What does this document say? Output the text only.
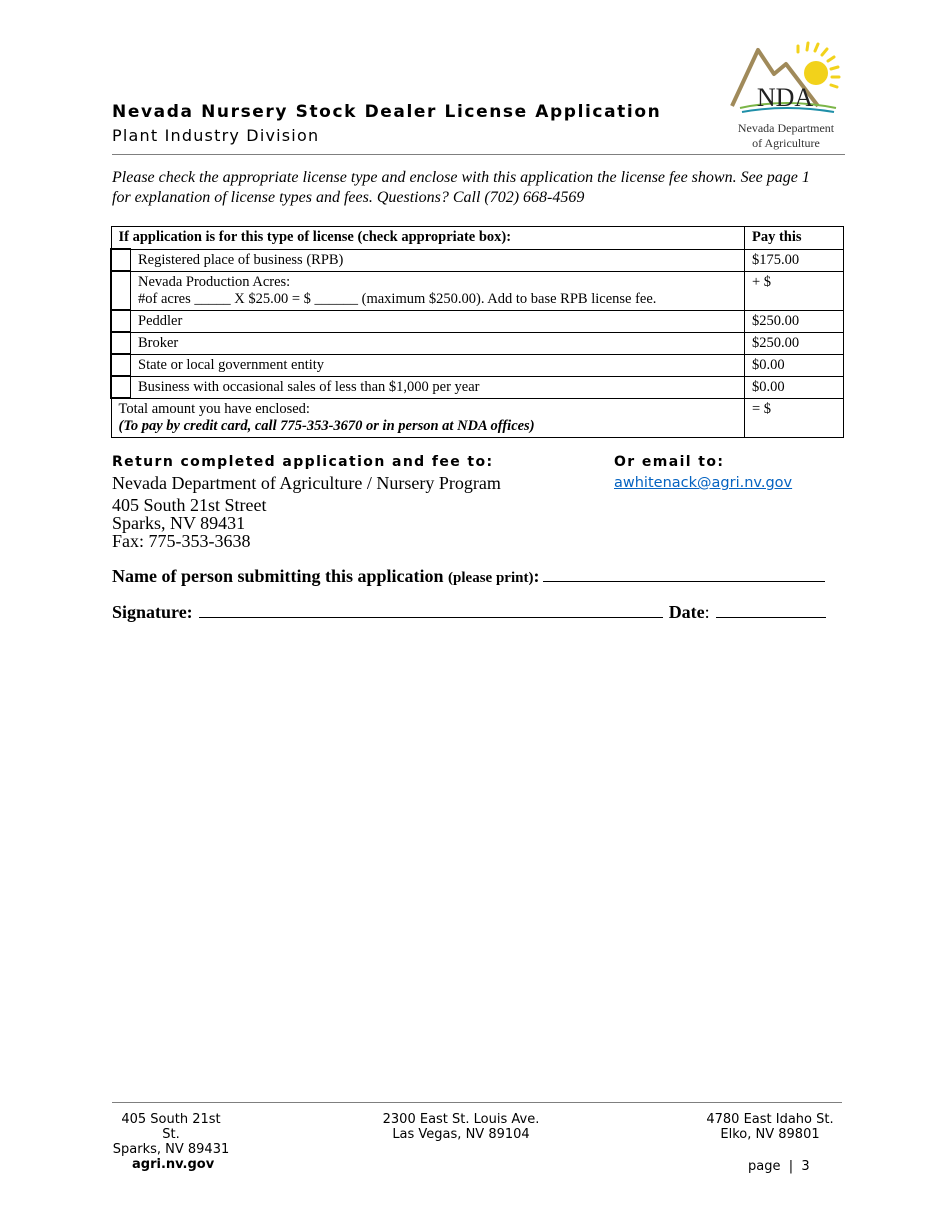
Nevada Nursery Stock Dealer License Application
Plant Industry Division
NDA
Nevada Department
of Agriculture
Please check the appropriate license type and enclose with this application the license fee shown. See page 1 for explanation of license types and fees. Questions? Call (702) 668-4569
If application is for this type of license (check appropriate box):		Pay this
	Registered place of business (RPB)	$175.00

	Nevada Production Acres:
#of acres _____ X $25.00 = $ ______ (maximum $250.00). Add to base RPB license fee.	+ $
	Peddler	$250.00
	Broker	$250.00
	State or local government entity	$0.00
	Business with occasional sales of less than $1,000 per year	$0.00

Total amount you have enclosed:
(To pay by credit card, call 775-353-3670 or in person at NDA offices)		= $
Return completed application and fee to:	Or email to:
Nevada Department of Agriculture / Nursery Program	awhitenack@agri.nv.gov
405 South 21st Street
Sparks, NV 89431
Fax: 775-353-3638
Name of person submitting this application (please print):
Signature:	Date:
405 South 21st St.
Sparks, NV 89431
2300 East St. Louis Ave.
Las Vegas, NV 89104
4780 East Idaho St.
Elko, NV 89801
agri.nv.gov	page  |  3
